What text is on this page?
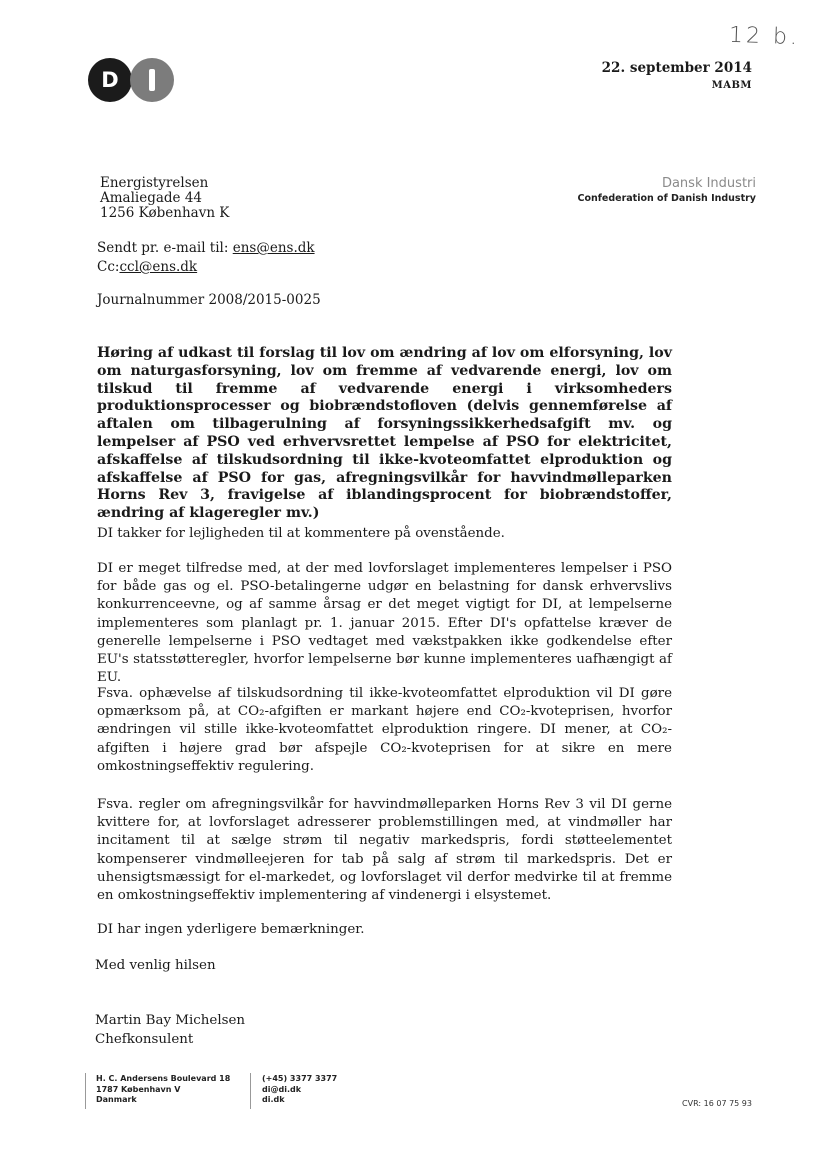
12 b.
D	22. september 2014
MABM
Dansk Industri
Confederation of Danish Industry
Energistyrelsen
Amaliegade 44
1256 København K
Sendt pr. e-mail til: ens@ens.dk
Cc:ccl@ens.dk
Journalnummer 2008/2015-0025
Høring af udkast til forslag til lov om ændring af lov om elforsyning, lov om naturgasforsyning, lov om fremme af vedvarende energi, lov om tilskud til fremme af vedvarende energi i virksomheders produktionsprocesser og biobrændstofloven (delvis gennemførelse af aftalen om tilbagerulning af forsyningssikkerhedsafgift mv. og lempelser af PSO ved erhvervsrettet lempelse af PSO for elektricitet, afskaffelse af tilskudsordning til ikke-kvoteomfattet elproduktion og afskaffelse af PSO for gas, afregningsvilkår for havvindmølleparken Horns Rev 3, fravigelse af iblandingsprocent for biobrændstoffer, ændring af klageregler mv.)
DI takker for lejligheden til at kommentere på ovenstående.
DI er meget tilfredse med, at der med lovforslaget implementeres lempelser i PSO for både gas og el. PSO-betalingerne udgør en belastning for dansk erhvervslivs konkurrenceevne, og af samme årsag er det meget vigtigt for DI, at lempelserne implementeres som planlagt pr. 1. januar 2015. Efter DI's opfattelse kræver de generelle lempelserne i PSO vedtaget med vækstpakken ikke godkendelse efter EU's statsstøtteregler, hvorfor lempelserne bør kunne implementeres uafhængigt af EU.
Fsva. ophævelse af tilskudsordning til ikke-kvoteomfattet elproduktion vil DI gøre opmærksom på, at CO₂-afgiften er markant højere end CO₂-kvoteprisen, hvorfor ændringen vil stille ikke-kvoteomfattet elproduktion ringere. DI mener, at CO₂-afgiften i højere grad bør afspejle CO₂-kvoteprisen for at sikre en mere omkostningseffektiv regulering.
Fsva. regler om afregningsvilkår for havvindmølleparken Horns Rev 3 vil DI gerne kvittere for, at lovforslaget adresserer problemstillingen med, at vindmøller har incitament til at sælge strøm til negativ markedspris, fordi støtteelementet kompenserer vindmølleejeren for tab på salg af strøm til markedspris. Det er uhensigtsmæssigt for el-markedet, og lovforslaget vil derfor medvirke til at fremme en omkostningseffektiv implementering af vindenergi i elsystemet.
DI har ingen yderligere bemærkninger.
Med venlig hilsen
Martin Bay Michelsen
Chefkonsulent
H. C. Andersens Boulevard 18
1787 København V
Danmark
(+45) 3377 3377
di@di.dk
di.dk	CVR: 16 07 75 93
